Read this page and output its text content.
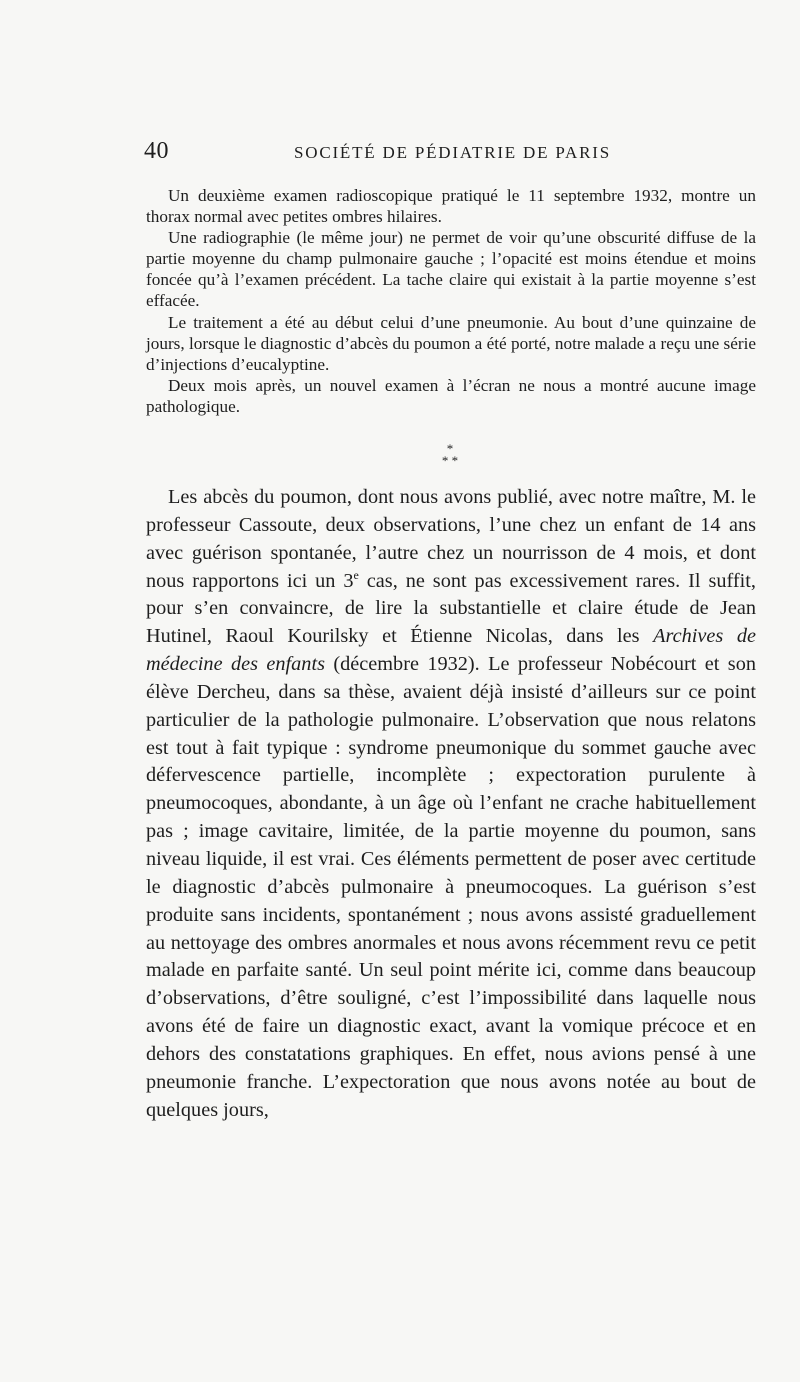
40	SOCIÉTÉ DE PÉDIATRIE DE PARIS

Un deuxième examen radioscopique pratiqué le 11 septembre 1932, montre un thorax normal avec petites ombres hilaires.

Une radiographie (le même jour) ne permet de voir qu’une obscurité diffuse de la partie moyenne du champ pulmonaire gauche ; l’opacité est moins étendue et moins foncée qu’à l’examen précédent. La tache claire qui existait à la partie moyenne s’est effacée.

Le traitement a été au début celui d’une pneumonie. Au bout d’une quinzaine de jours, lorsque le diagnostic d’abcès du poumon a été porté, notre malade a reçu une série d’injections d’eucalyptine.

Deux mois après, un nouvel examen à l’écran ne nous a montré aucune image pathologique.

*
* *

Les abcès du poumon, dont nous avons publié, avec notre maître, M. le professeur Cassoute, deux observations, l’une chez un enfant de 14 ans avec guérison spontanée, l’autre chez un nourrisson de 4 mois, et dont nous rapportons ici un 3e cas, ne sont pas excessivement rares. Il suffit, pour s’en convaincre, de lire la substantielle et claire étude de Jean Hutinel, Raoul Kourilsky et Étienne Nicolas, dans les Archives de médecine des enfants (décembre 1932). Le professeur Nobécourt et son élève Dercheu, dans sa thèse, avaient déjà insisté d’ailleurs sur ce point particulier de la pathologie pulmonaire. L’observation que nous relatons est tout à fait typique : syndrome pneumonique du sommet gauche avec défervescence partielle, incomplète ; expectoration purulente à pneumocoques, abondante, à un âge où l’enfant ne crache habituellement pas ; image cavitaire, limitée, de la partie moyenne du poumon, sans niveau liquide, il est vrai. Ces éléments permettent de poser avec certitude le diagnostic d’abcès pulmonaire à pneumocoques. La guérison s’est produite sans incidents, spontanément ; nous avons assisté graduellement au nettoyage des ombres anormales et nous avons récemment revu ce petit malade en parfaite santé. Un seul point mérite ici, comme dans beaucoup d’observations, d’être souligné, c’est l’impossibilité dans laquelle nous avons été de faire un diagnostic exact, avant la vomique précoce et en dehors des constatations graphiques. En effet, nous avions pensé à une pneumonie franche. L’expectoration que nous avons notée au bout de quelques jours,
